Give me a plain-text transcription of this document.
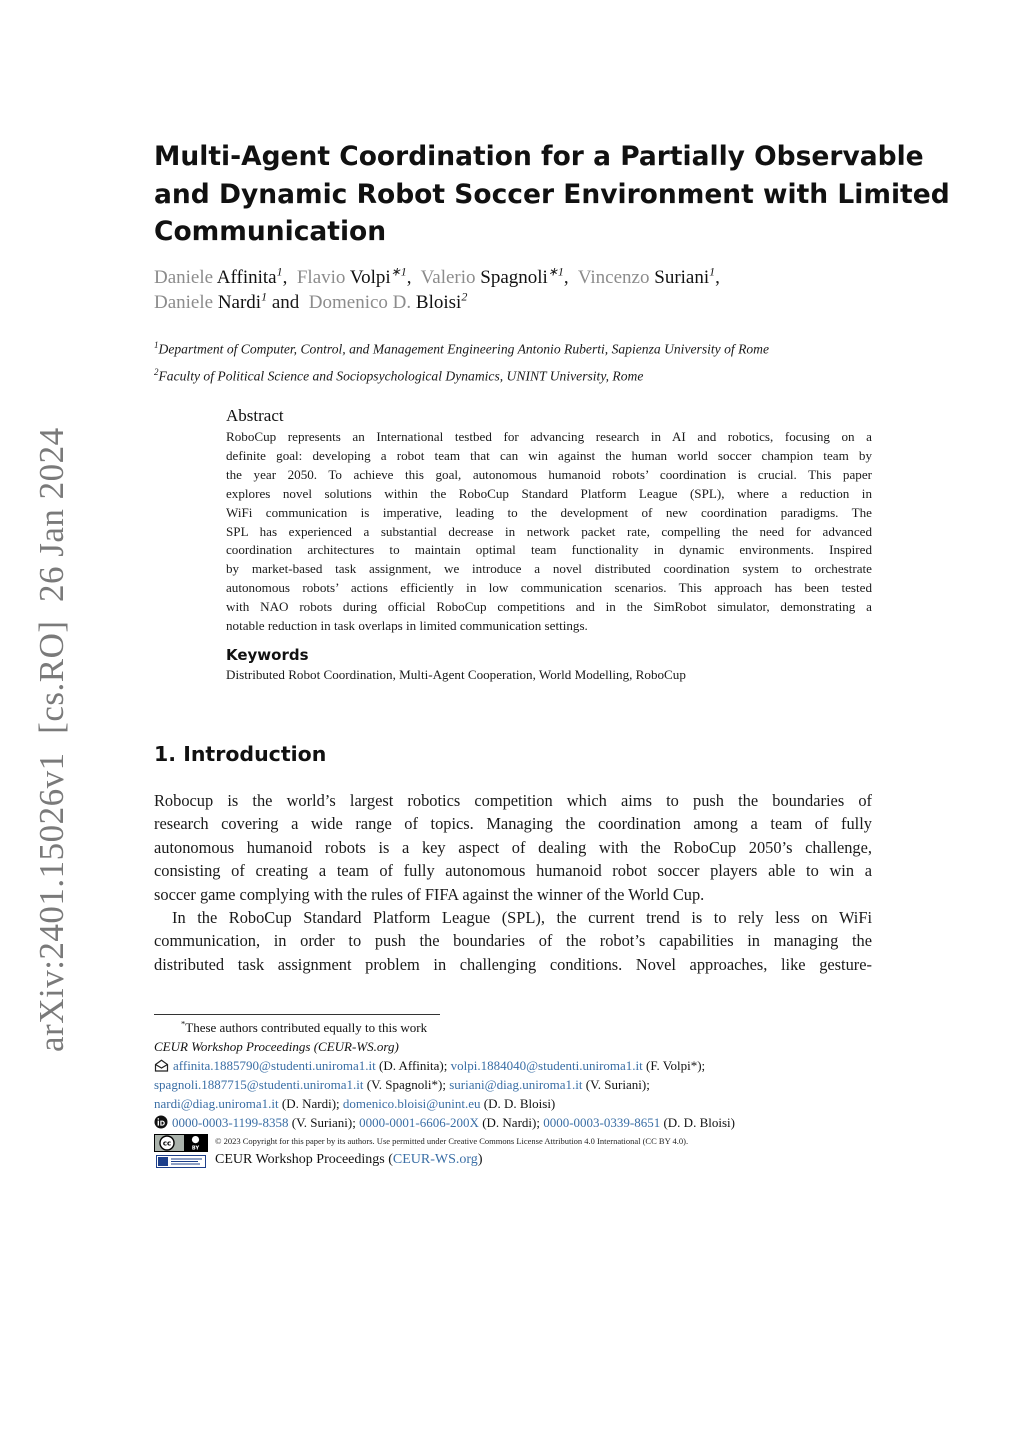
arXiv:2401.15026v1  [cs.RO]  26 Jan 2024
Multi-Agent Coordination for a Partially Observable
and Dynamic Robot Soccer Environment with Limited
Communication
Daniele Affinita$^1$,  Flavio Volpi$^{∗1}$,  Valerio Spagnoli$^{∗1}$,  Vincenzo Suriani$^1$,
Daniele Nardi$^1$ and  Domenico D. Bloisi$^2$
$^1$Department of Computer, Control, and Management Engineering Antonio Ruberti, Sapienza University of Rome
$^2$Faculty of Political Science and Sociopsychological Dynamics, UNINT University, Rome
Abstract

RoboCup represents an International testbed for advancing research in AI and robotics, focusing on a

definite goal: developing a robot team that can win against the human world soccer champion team by

the year 2050. To achieve this goal, autonomous humanoid robots’ coordination is crucial. This paper

explores novel solutions within the RoboCup Standard Platform League (SPL), where a reduction in

WiFi communication is imperative, leading to the development of new coordination paradigms. The

SPL has experienced a substantial decrease in network packet rate, compelling the need for advanced

coordination architectures to maintain optimal team functionality in dynamic environments. Inspired

by market-based task assignment, we introduce a novel distributed coordination system to orchestrate

autonomous robots’ actions efficiently in low communication scenarios. This approach has been tested

with NAO robots during official RoboCup competitions and in the SimRobot simulator, demonstrating a

notable reduction in task overlaps in limited communication settings.

Keywords

Distributed Robot Coordination, Multi-Agent Cooperation, World Modelling, RoboCup

1. Introduction

Robocup is the world’s largest robotics competition which aims to push the boundaries of

research covering a wide range of topics. Managing the coordination among a team of fully

autonomous humanoid robots is a key aspect of dealing with the RoboCup 2050’s challenge,

consisting of creating a team of fully autonomous humanoid robot soccer players able to win a

soccer game complying with the rules of FIFA against the winner of the World Cup.

In the RoboCup Standard Platform League (SPL), the current trend is to rely less on WiFi

communication, in order to push the boundaries of the robot’s capabilities in managing the

distributed task assignment problem in challenging conditions. Novel approaches, like gesture-

*These authors contributed equally to this work
CEUR Workshop Proceedings (CEUR-WS.org)
affinita.1885790@studenti.uniroma1.it (D. Affinita); volpi.1884040@studenti.uniroma1.it (F. Volpi*);
spagnoli.1887715@studenti.uniroma1.it (V. Spagnoli*); suriani@diag.uniroma1.it (V. Suriani);
nardi@diag.uniroma1.it (D. Nardi); domenico.bloisi@unint.eu (D. D. Bloisi)
0000-0003-1199-8358 (V. Suriani); 0000-0001-6606-200X (D. Nardi); 0000-0003-0339-8651 (D. D. Bloisi)
cc
BY
© 2023 Copyright for this paper by its authors. Use permitted under Creative Commons License Attribution 4.0 International (CC BY 4.0).
CEUR Workshop Proceedings (CEUR-WS.org)
